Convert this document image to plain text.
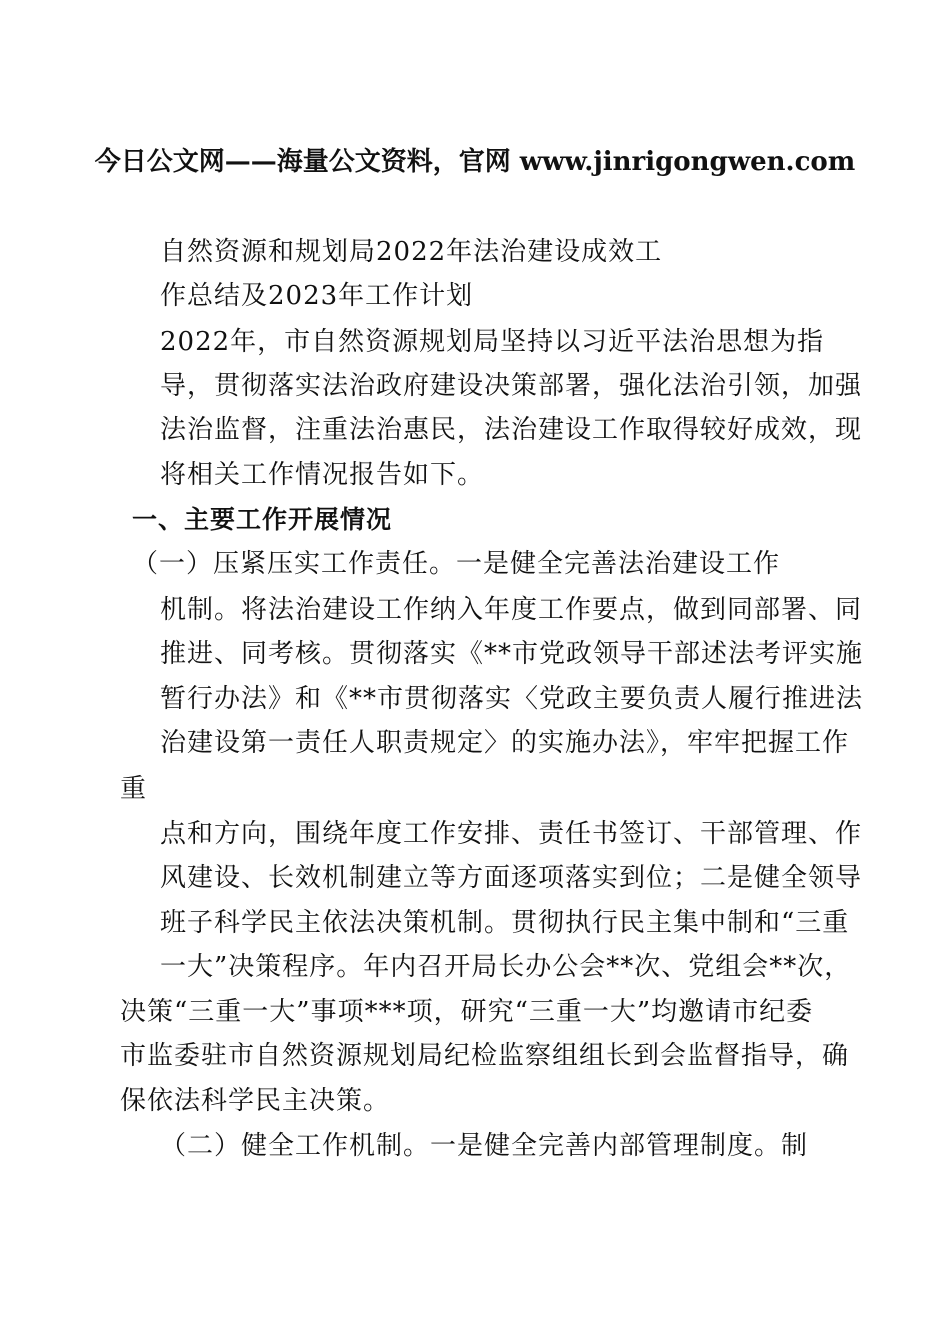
今日公文网——海量公文资料，官网 www.jinrigongwen.com
自然资源和规划局2022年法治建设成效工
作总结及2023年工作计划
2022年，市自然资源规划局坚持以习近平法治思想为指
导，贯彻落实法治政府建设决策部署，强化法治引领，加强
法治监督，注重法治惠民，法治建设工作取得较好成效，现
将相关工作情况报告如下。
一、主要工作开展情况
（一）压紧压实工作责任。一是健全完善法治建设工作
机制。将法治建设工作纳入年度工作要点，做到同部署、同
推进、同考核。贯彻落实《**市党政领导干部述法考评实施
暂行办法》和《**市贯彻落实〈党政主要负责人履行推进法
治建设第一责任人职责规定〉的实施办法》，牢牢把握工作
重
点和方向，围绕年度工作安排、责任书签订、干部管理、作
风建设、长效机制建立等方面逐项落实到位；二是健全领导
班子科学民主依法决策机制。贯彻执行民主集中制和“三重
一大”决策程序。年内召开局长办公会**次、党组会**次，
决策“三重一大”事项***项，研究“三重一大”均邀请市纪委
市监委驻市自然资源规划局纪检监察组组长到会监督指导，确
保依法科学民主决策。
（二）健全工作机制。一是健全完善内部管理制度。制
